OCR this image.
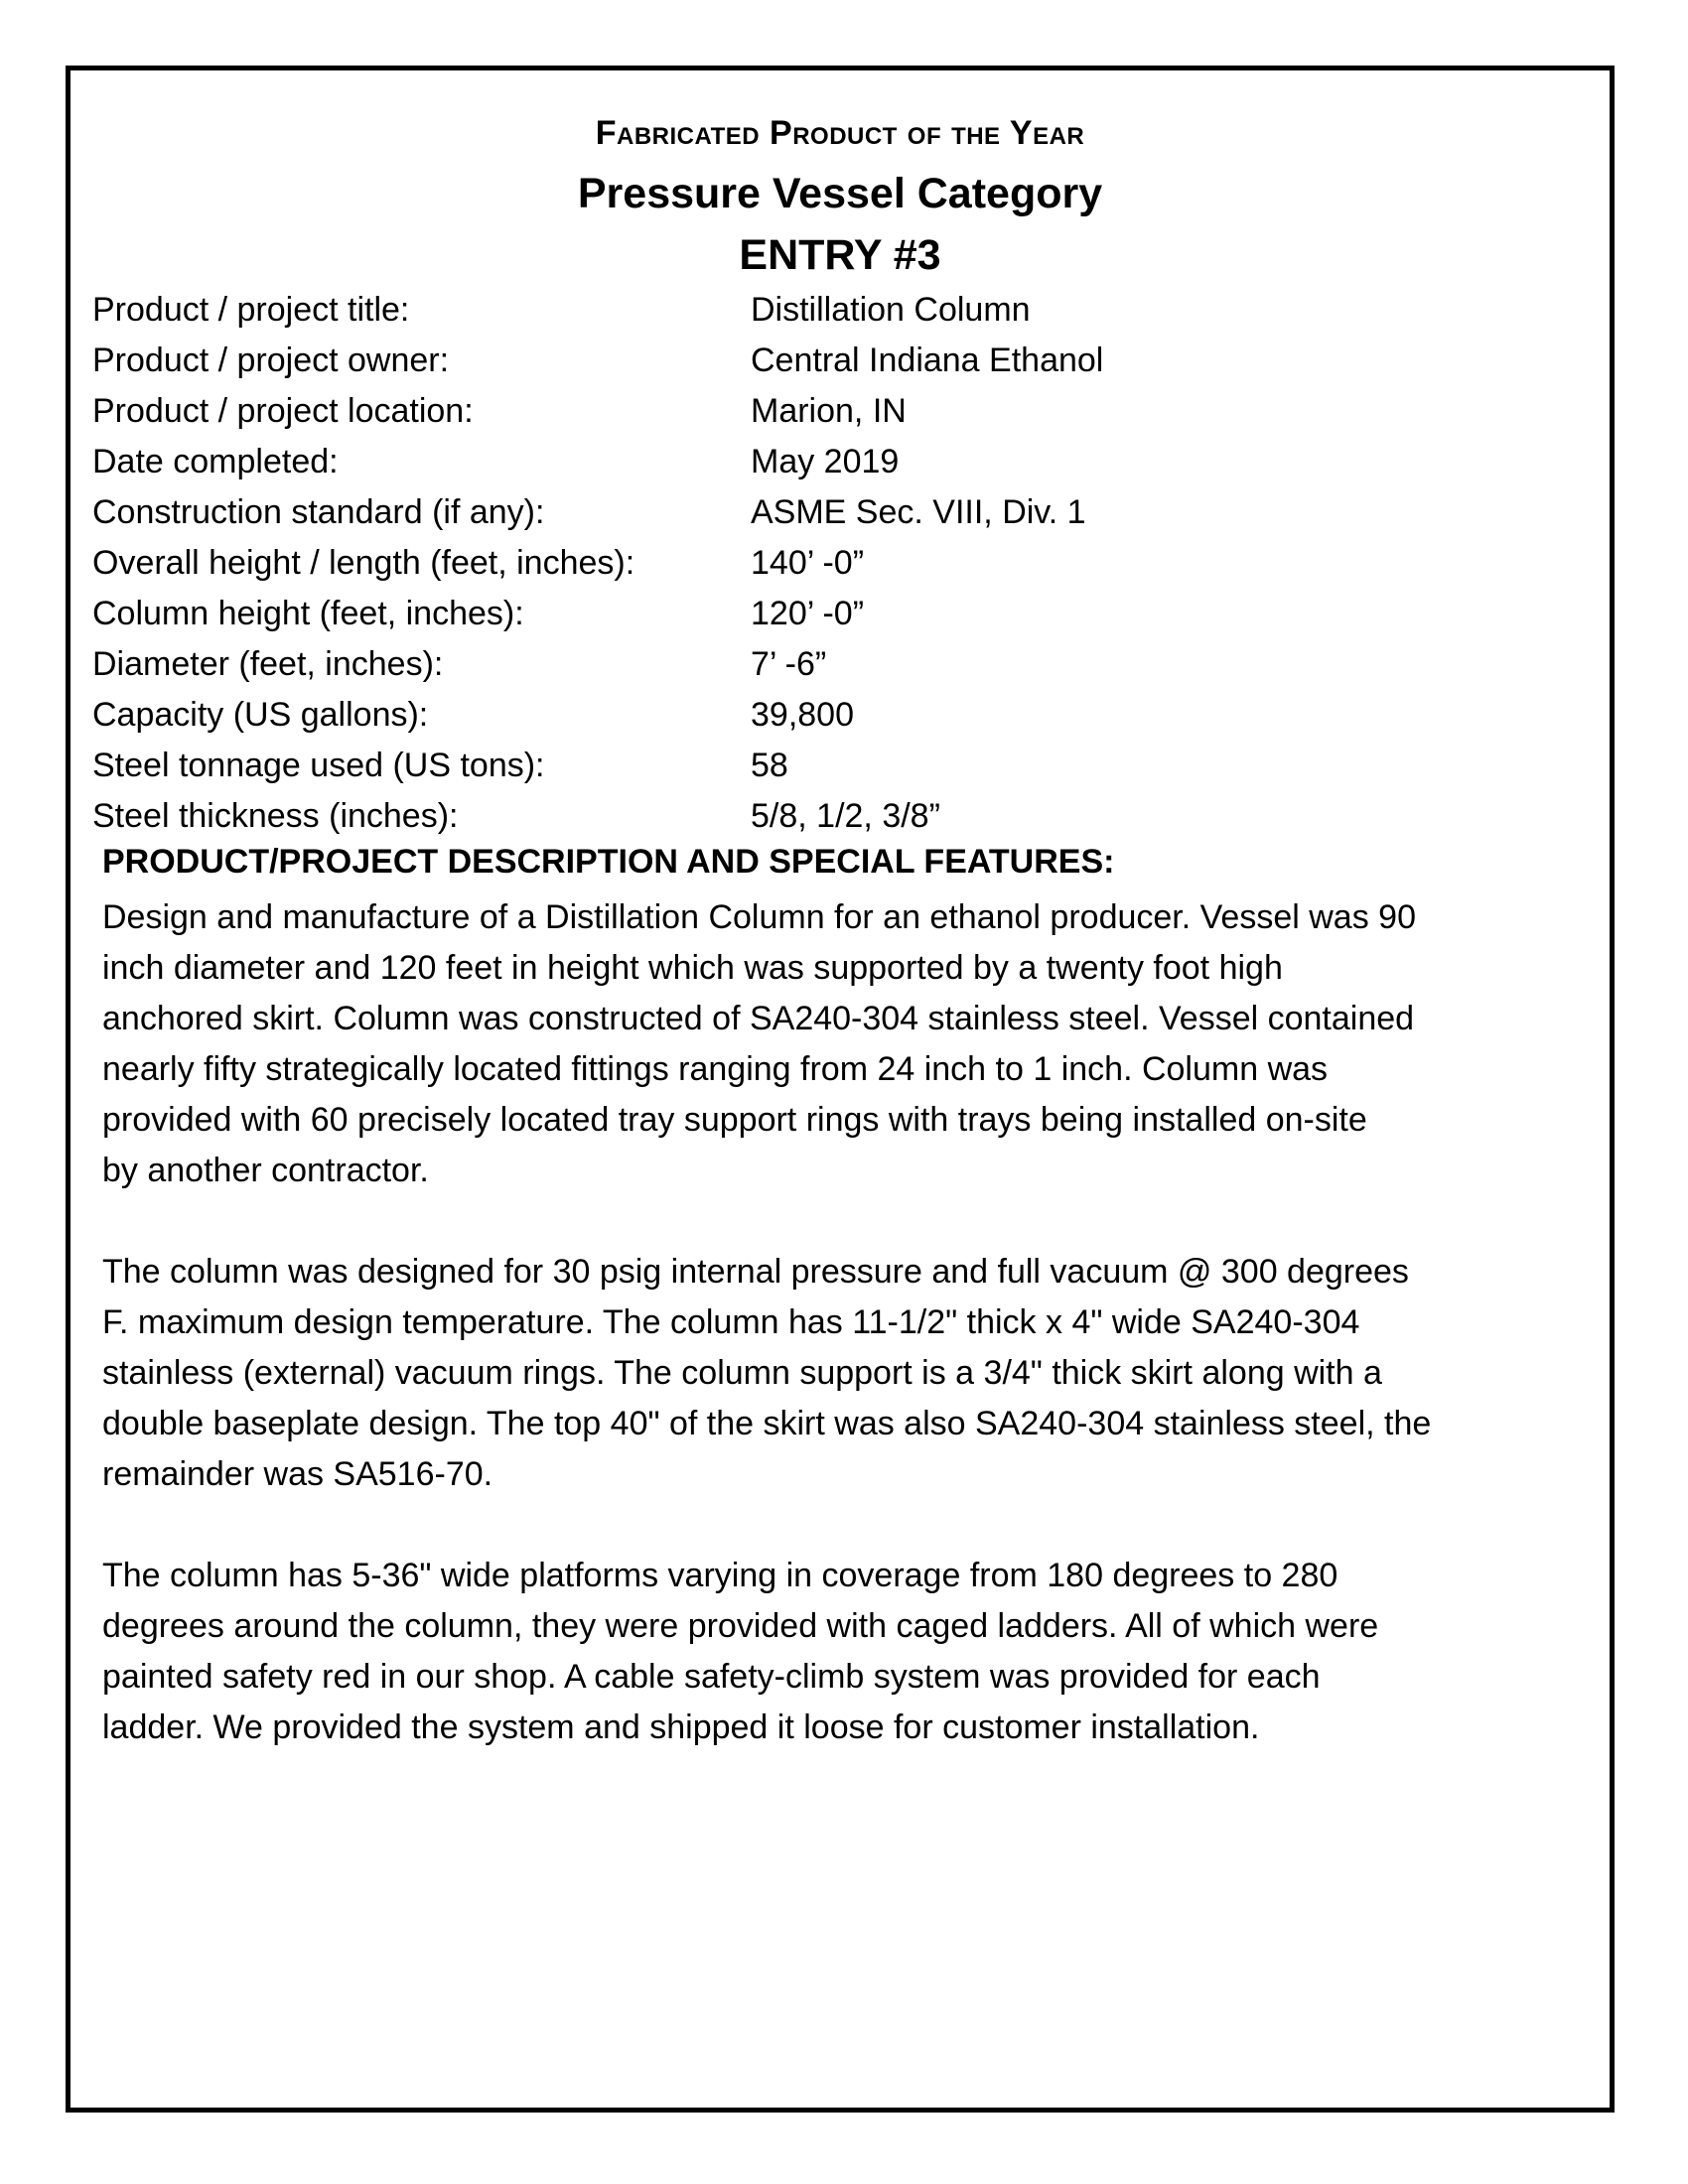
Fabricated Product of the Year
Pressure Vessel Category
ENTRY #3
Product / project title:	Distillation Column
Product / project owner:	Central Indiana Ethanol
Product / project location:	Marion, IN
Date completed:	May 2019
Construction standard (if any):	ASME Sec. VIII, Div. 1
Overall height / length (feet, inches):	140’ -0”
Column height (feet, inches):	120’ -0”
Diameter (feet, inches):	7’ -6”
Capacity (US gallons):	39,800
Steel tonnage used (US tons):	58
Steel thickness (inches):	5/8, 1/2, 3/8”
PRODUCT/PROJECT DESCRIPTION AND SPECIAL FEATURES:

Design and manufacture of a Distillation Column for an ethanol producer. Vessel was 90
inch diameter and 120 feet in height which was supported by a twenty foot high
anchored skirt. Column was constructed of SA240-304 stainless steel. Vessel contained
nearly fifty strategically located fittings ranging from 24 inch to 1 inch. Column was
provided with 60 precisely located tray support rings with trays being installed on-site
by another contractor.

The column was designed for 30 psig internal pressure and full vacuum @ 300 degrees
F. maximum design temperature. The column has 11-1/2" thick x 4" wide SA240-304
stainless (external) vacuum rings. The column support is a 3/4" thick skirt along with a
double baseplate design. The top 40" of the skirt was also SA240-304 stainless steel, the
remainder was SA516-70.

The column has 5-36" wide platforms varying in coverage from 180 degrees to 280
degrees around the column, they were provided with caged ladders. All of which were
painted safety red in our shop. A cable safety-climb system was provided for each
ladder. We provided the system and shipped it loose for customer installation.
